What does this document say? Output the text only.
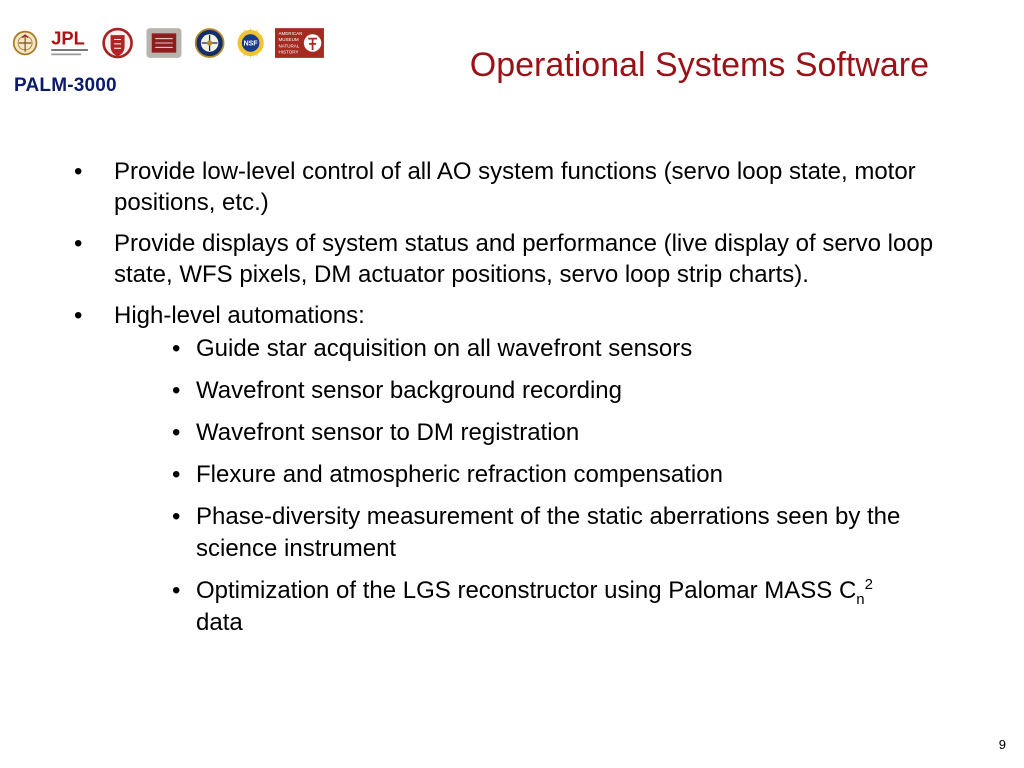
JPL	NSF
AMERICAN
MUSEUM
NATURAL
HISTORY
PALM-3000
Operational Systems Software
• Provide low-level control of all AO system functions (servo loop state, motor positions, etc.)
• Provide displays of system status and performance (live display of servo loop state, WFS pixels, DM actuator positions, servo loop strip charts).
• High-level automations:
• Guide star acquisition on all wavefront sensors
• Wavefront sensor background recording
• Wavefront sensor to DM registration
• Flexure and atmospheric refraction compensation
• Phase-diversity measurement of the static aberrations seen by the science instrument
• Optimization of the LGS reconstructor using Palomar MASS $C_n^2$ data
9
